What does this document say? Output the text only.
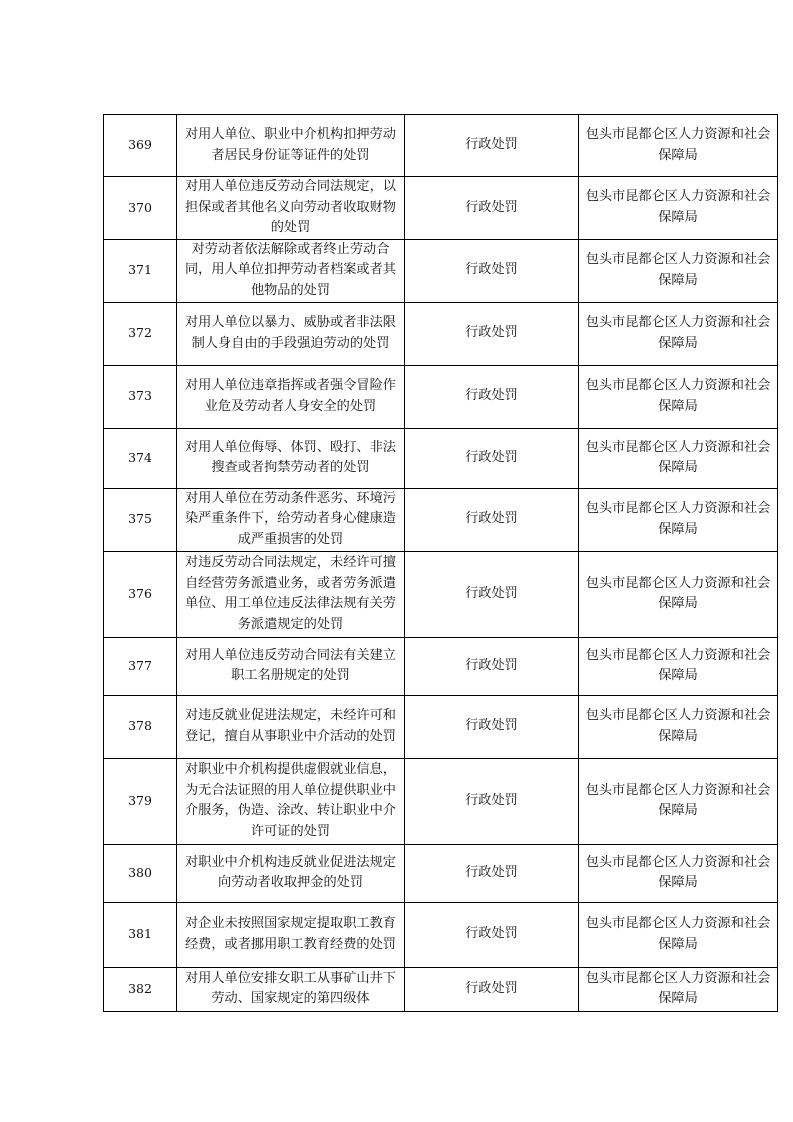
369	对用人单位、职业中介机构扣押劳动者居民身份证等证件的处罚	行政处罚	包头市昆都仑区人力资源和社会保障局
370	对用人单位违反劳动合同法规定，以担保或者其他名义向劳动者收取财物的处罚	行政处罚	包头市昆都仑区人力资源和社会保障局
371	对劳动者依法解除或者终止劳动合同，用人单位扣押劳动者档案或者其他物品的处罚	行政处罚	包头市昆都仑区人力资源和社会保障局
372	对用人单位以暴力、威胁或者非法限制人身自由的手段强迫劳动的处罚	行政处罚	包头市昆都仑区人力资源和社会保障局
373	对用人单位违章指挥或者强令冒险作业危及劳动者人身安全的处罚	行政处罚	包头市昆都仑区人力资源和社会保障局
374	对用人单位侮辱、体罚、殴打、非法搜查或者拘禁劳动者的处罚	行政处罚	包头市昆都仑区人力资源和社会保障局
375	对用人单位在劳动条件恶劣、环境污染严重条件下，给劳动者身心健康造成严重损害的处罚	行政处罚	包头市昆都仑区人力资源和社会保障局
376	对违反劳动合同法规定，未经许可擅自经营劳务派遣业务，或者劳务派遣单位、用工单位违反法律法规有关劳务派遣规定的处罚	行政处罚	包头市昆都仑区人力资源和社会保障局
377	对用人单位违反劳动合同法有关建立职工名册规定的处罚	行政处罚	包头市昆都仑区人力资源和社会保障局
378	对违反就业促进法规定，未经许可和登记，擅自从事职业中介活动的处罚	行政处罚	包头市昆都仑区人力资源和社会保障局
379	对职业中介机构提供虚假就业信息，为无合法证照的用人单位提供职业中介服务，伪造、涂改、转让职业中介许可证的处罚	行政处罚	包头市昆都仑区人力资源和社会保障局
380	对职业中介机构违反就业促进法规定向劳动者收取押金的处罚	行政处罚	包头市昆都仑区人力资源和社会保障局
381	对企业未按照国家规定提取职工教育经费，或者挪用职工教育经费的处罚	行政处罚	包头市昆都仑区人力资源和社会保障局
382	对用人单位安排女职工从事矿山井下劳动、国家规定的第四级体	行政处罚	包头市昆都仑区人力资源和社会保障局
